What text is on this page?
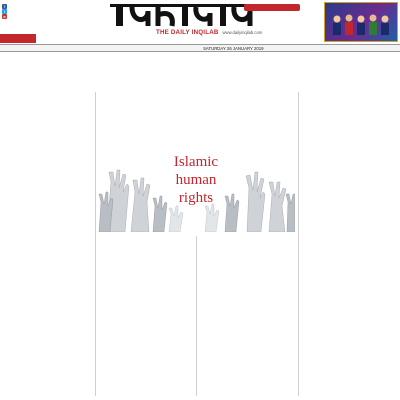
f
t
w
THE DAILY INQILAB www.dailyinqilab.com
SATURDAY 26 JANUARY 2019

Islamic
human
rights
